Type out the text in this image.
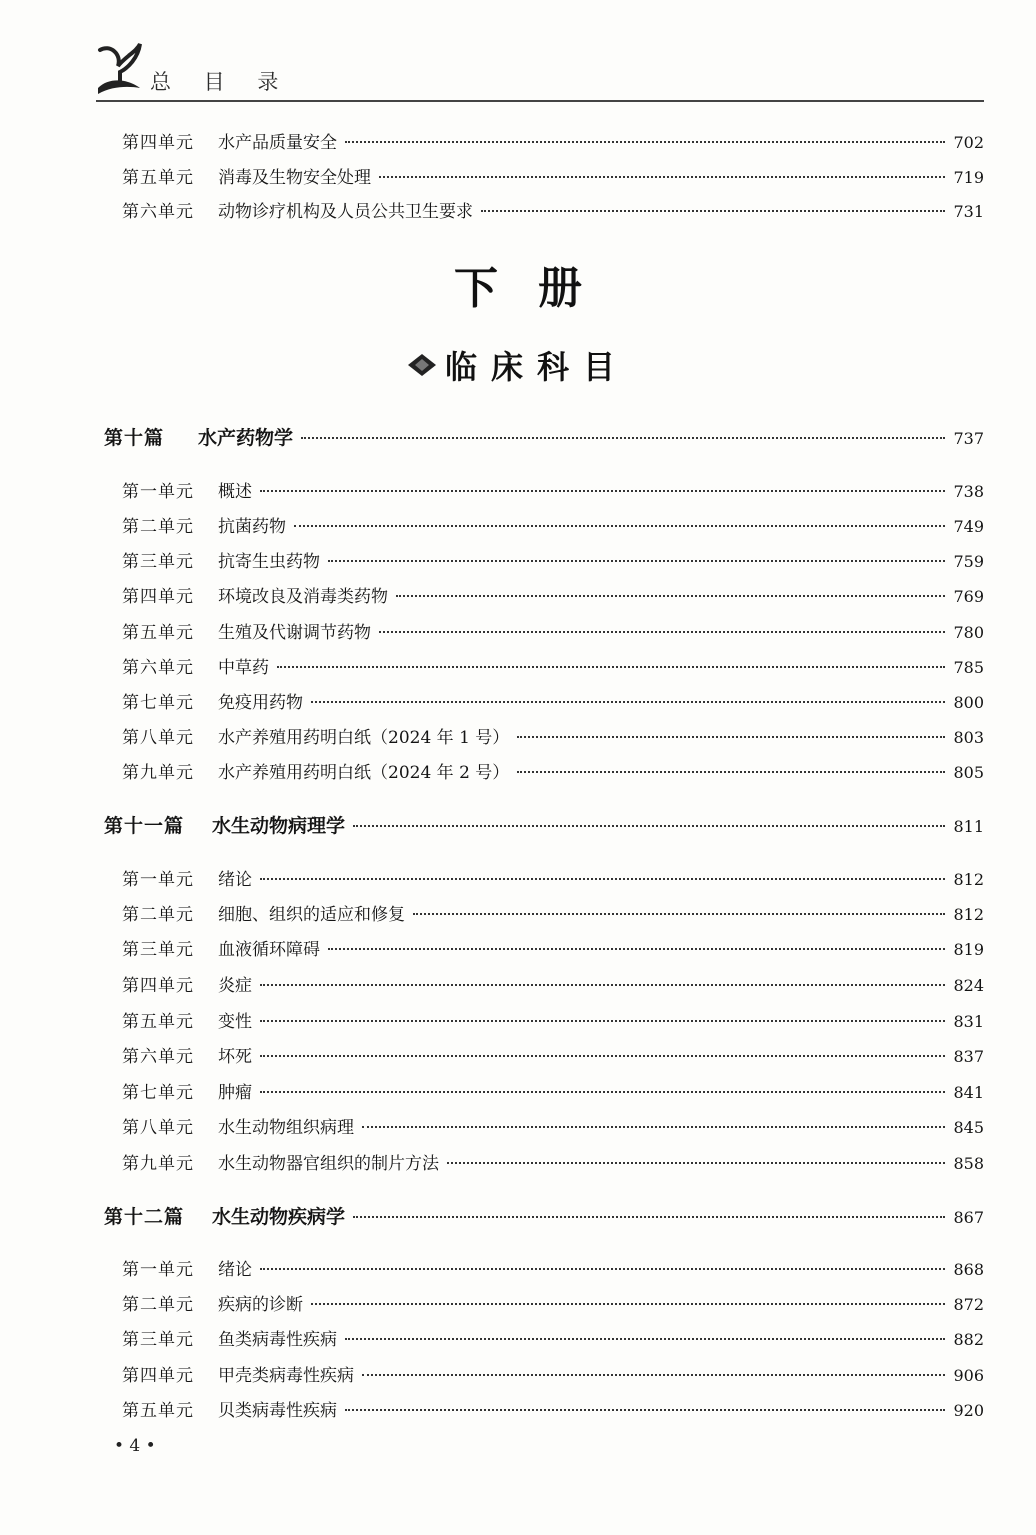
总 目 录
第四单元	水产品质量安全	702
第五单元	消毒及生物安全处理	719
第六单元	动物诊疗机构及人员公共卫生要求	731
下册
临床科目
第十篇	水产药物学	737
第一单元	概述	738
第二单元	抗菌药物	749
第三单元	抗寄生虫药物	759
第四单元	环境改良及消毒类药物	769
第五单元	生殖及代谢调节药物	780
第六单元	中草药	785
第七单元	免疫用药物	800
第八单元	水产养殖用药明白纸（2024 年 1 号）	803
第九单元	水产养殖用药明白纸（2024 年 2 号）	805
第十一篇	水生动物病理学	811
第一单元	绪论	812
第二单元	细胞、组织的适应和修复	812
第三单元	血液循环障碍	819
第四单元	炎症	824
第五单元	变性	831
第六单元	坏死	837
第七单元	肿瘤	841
第八单元	水生动物组织病理	845
第九单元	水生动物器官组织的制片方法	858
第十二篇	水生动物疾病学	867
第一单元	绪论	868
第二单元	疾病的诊断	872
第三单元	鱼类病毒性疾病	882
第四单元	甲壳类病毒性疾病	906
第五单元	贝类病毒性疾病	920
• 4 •
